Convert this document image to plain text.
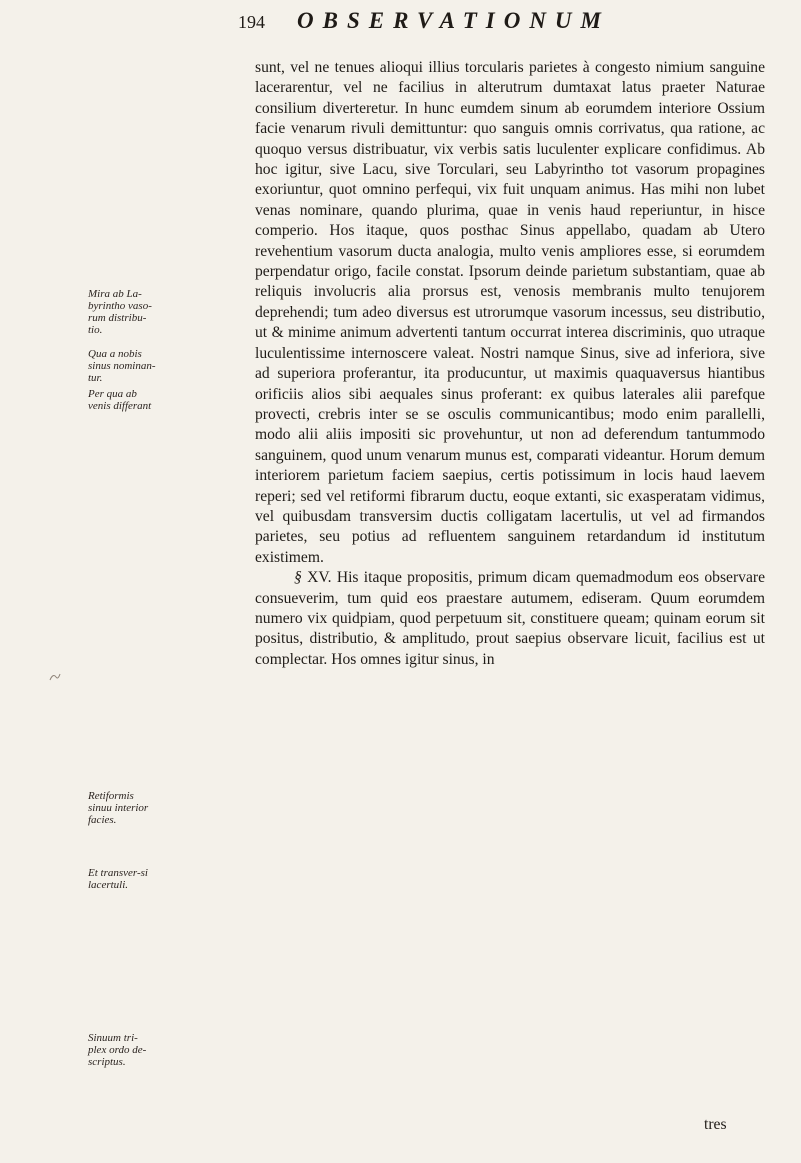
194 OBSERVATIONUM
Mira ab La-byrintho vaso-rum distribu-tio.
Qua a nobis sinus nominan-tur.
Per qua ab venis differant
Retiformis sinuu interior facies.
Et transver-si lacertuli.
Sinuum tri-plex ordo de-scriptus.

sunt, vel ne tenues alioqui illius torcularis parietes à congesto nimium sanguine lacerarentur, vel ne facilius in alterutrum dumtaxat latus praeter Naturae consilium diverteretur. In hunc eumdem sinum ab eorumdem interiore Ossium facie venarum rivuli demittuntur: quo sanguis omnis corrivatus, qua ratione, ac quoquo versus distribuatur, vix verbis satis luculenter explicare confidimus. Ab hoc igitur, sive Lacu, sive Torculari, seu Labyrintho tot vasorum propagines exoriuntur, quot omnino perfequi, vix fuit unquam animus. Has mihi non lubet venas nominare, quando plurima, quae in venis haud reperiuntur, in hisce comperio. Hos itaque, quos posthac Sinus appellabo, quadam ab Utero revehentium vasorum ducta analogia, multo venis ampliores esse, si eorumdem perpendatur origo, facile constat. Ipsorum deinde parietum substantiam, quae ab reliquis involucris alia prorsus est, venosis membranis multo tenujorem deprehendi; tum adeo diversus est utrorumque vasorum incessus, seu distributio, ut & minime animum advertenti tantum occurrat interea discriminis, quo utraque luculentissime internoscere valeat. Nostri namque Sinus, sive ad inferiora, sive ad superiora proferantur, ita producuntur, ut maximis quaquaversus hiantibus orificiis alios sibi aequales sinus proferant: ex quibus laterales alii parefque provecti, crebris inter se se osculis communicantibus; modo enim parallelli, modo alii aliis impositi sic provehuntur, ut non ad deferendum tantummodo sanguinem, quod unum venarum munus est, comparati videantur. Horum demum interiorem parietum faciem saepius, certis potissimum in locis haud laevem reperi; sed vel retiformi fibrarum ductu, eoque extanti, sic exasperatam vidimus, vel quibusdam transversim ductis colligatam lacertulis, ut vel ad firmandos parietes, seu potius ad refluentem sanguinem retardandum id institutum existimem.

§ XV. His itaque propositis, primum dicam quemadmodum eos observare consueverim, tum quid eos praestare autumem, ediseram. Quum eorumdem numero vix quidpiam, quod perpetuum sit, constituere queam; quinam eorum sit positus, distributio, & amplitudo, prout saepius observare licuit, facilius est ut complectar. Hos omnes igitur sinus, in

tres
